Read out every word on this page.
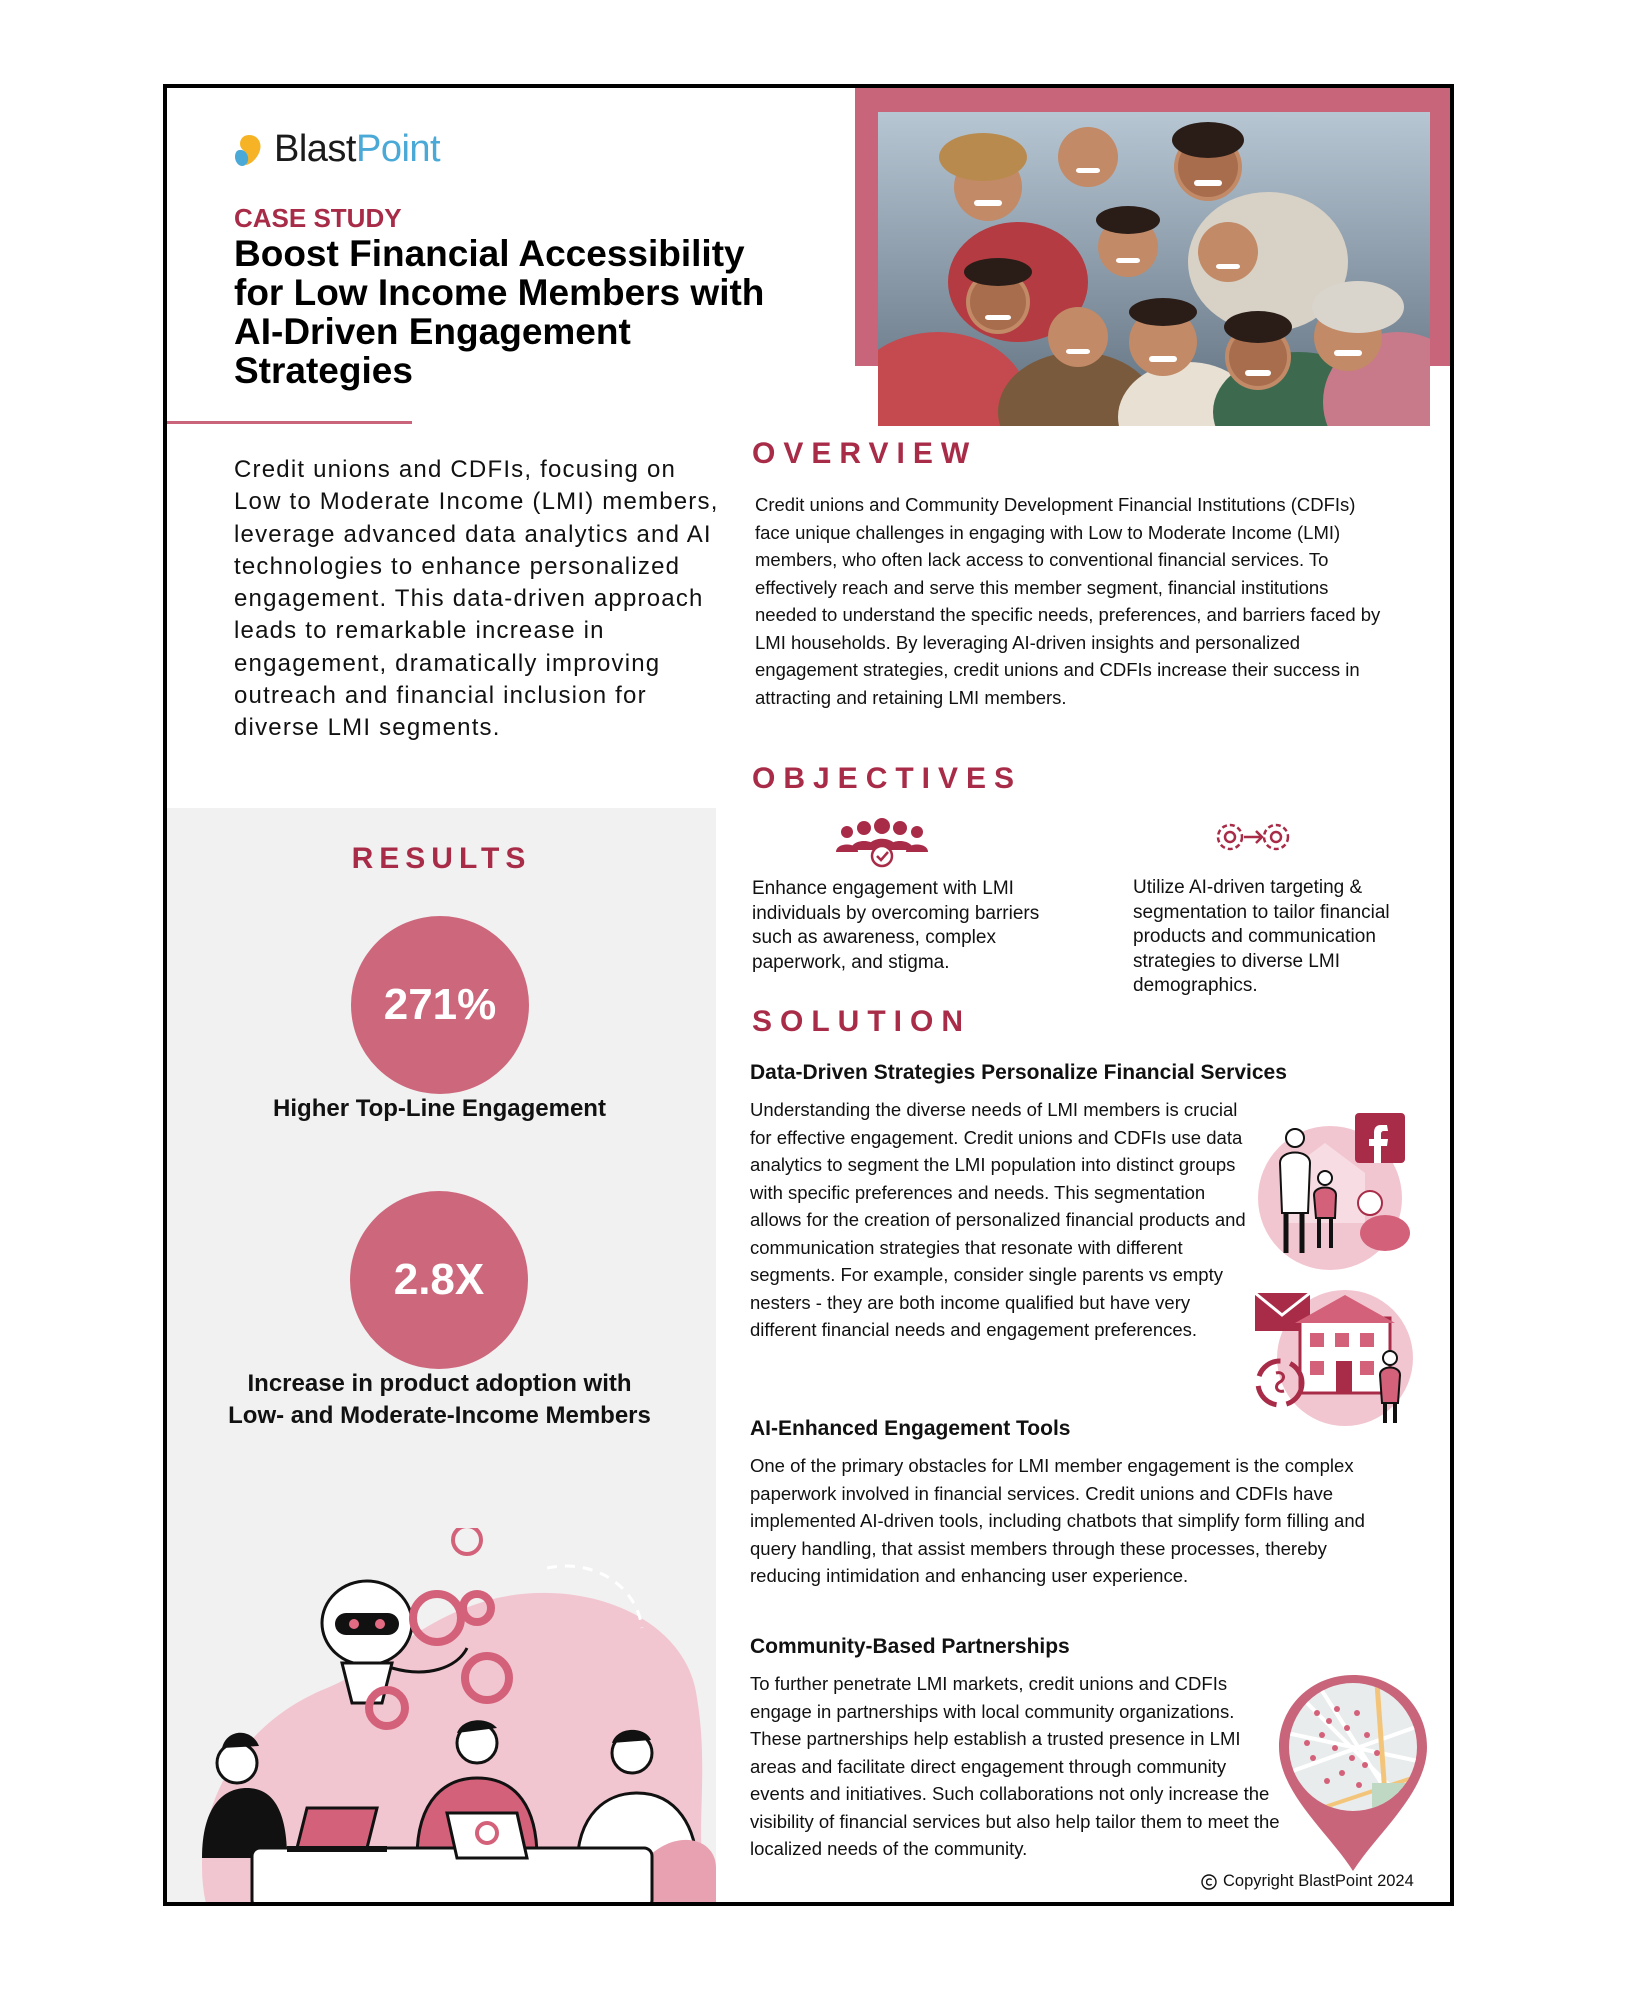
BlastPoint
CASE STUDY
Boost Financial Accessibility for Low Income Members with AI-Driven Engagement Strategies
Credit unions and CDFIs, focusing on Low to Moderate Income (LMI) members, leverage advanced data analytics and AI technologies to enhance personalized engagement. This data-driven approach leads to remarkable increase in engagement, dramatically improving outreach and financial inclusion for diverse LMI segments.
RESULTS
271%
Higher Top-Line Engagement
2.8X
Increase in product adoption with Low- and Moderate-Income Members
OVERVIEW
Credit unions and Community Development Financial Institutions (CDFIs) face unique challenges in engaging with Low to Moderate Income (LMI) members, who often lack access to conventional financial services. To effectively reach and serve this member segment, financial institutions needed to understand the specific needs, preferences, and barriers faced by LMI households. By leveraging AI-driven insights and personalized engagement strategies, credit unions and CDFIs increase their success in attracting and retaining LMI members.
OBJECTIVES
Enhance engagement with LMI individuals by overcoming barriers such as awareness, complex paperwork, and stigma.
Utilize AI-driven targeting & segmentation to tailor financial products and communication strategies to diverse LMI demographics.
SOLUTION
Data-Driven Strategies Personalize Financial Services
Understanding the diverse needs of LMI members is crucial for effective engagement. Credit unions and CDFIs use data analytics to segment the LMI population into distinct groups with specific preferences and needs. This segmentation allows for the creation of personalized financial products and communication strategies that resonate with different segments. For example, consider single parents vs empty nesters - they are both income qualified but have very different financial needs and engagement preferences.
AI-Enhanced Engagement Tools
One of the primary obstacles for LMI member engagement is the complex paperwork involved in financial services. Credit unions and CDFIs have implemented AI-driven tools, including chatbots that simplify form filling and query handling, that assist members through these processes, thereby reducing intimidation and enhancing user experience.
Community-Based Partnerships
To further penetrate LMI markets, credit unions and CDFIs engage in partnerships with local community organizations. These partnerships help establish a trusted presence in LMI areas and facilitate direct engagement through community events and initiatives. Such collaborations not only increase the visibility of financial services but also help tailor them to meet the localized needs of the community.
Copyright BlastPoint 2024
